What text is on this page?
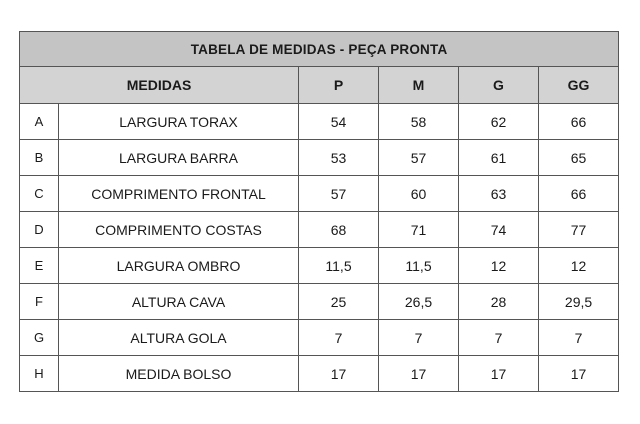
TABELA DE MEDIDAS - PEÇA PRONTA					
MEDIDAS		P	M	G	GG
A	LARGURA TORAX	54	58	62	66
B	LARGURA BARRA	53	57	61	65
C	COMPRIMENTO FRONTAL	57	60	63	66
D	COMPRIMENTO COSTAS	68	71	74	77
E	LARGURA OMBRO	11,5	11,5	12	12
F	ALTURA CAVA	25	26,5	28	29,5
G	ALTURA GOLA	7	7	7	7
H	MEDIDA BOLSO	17	17	17	17
